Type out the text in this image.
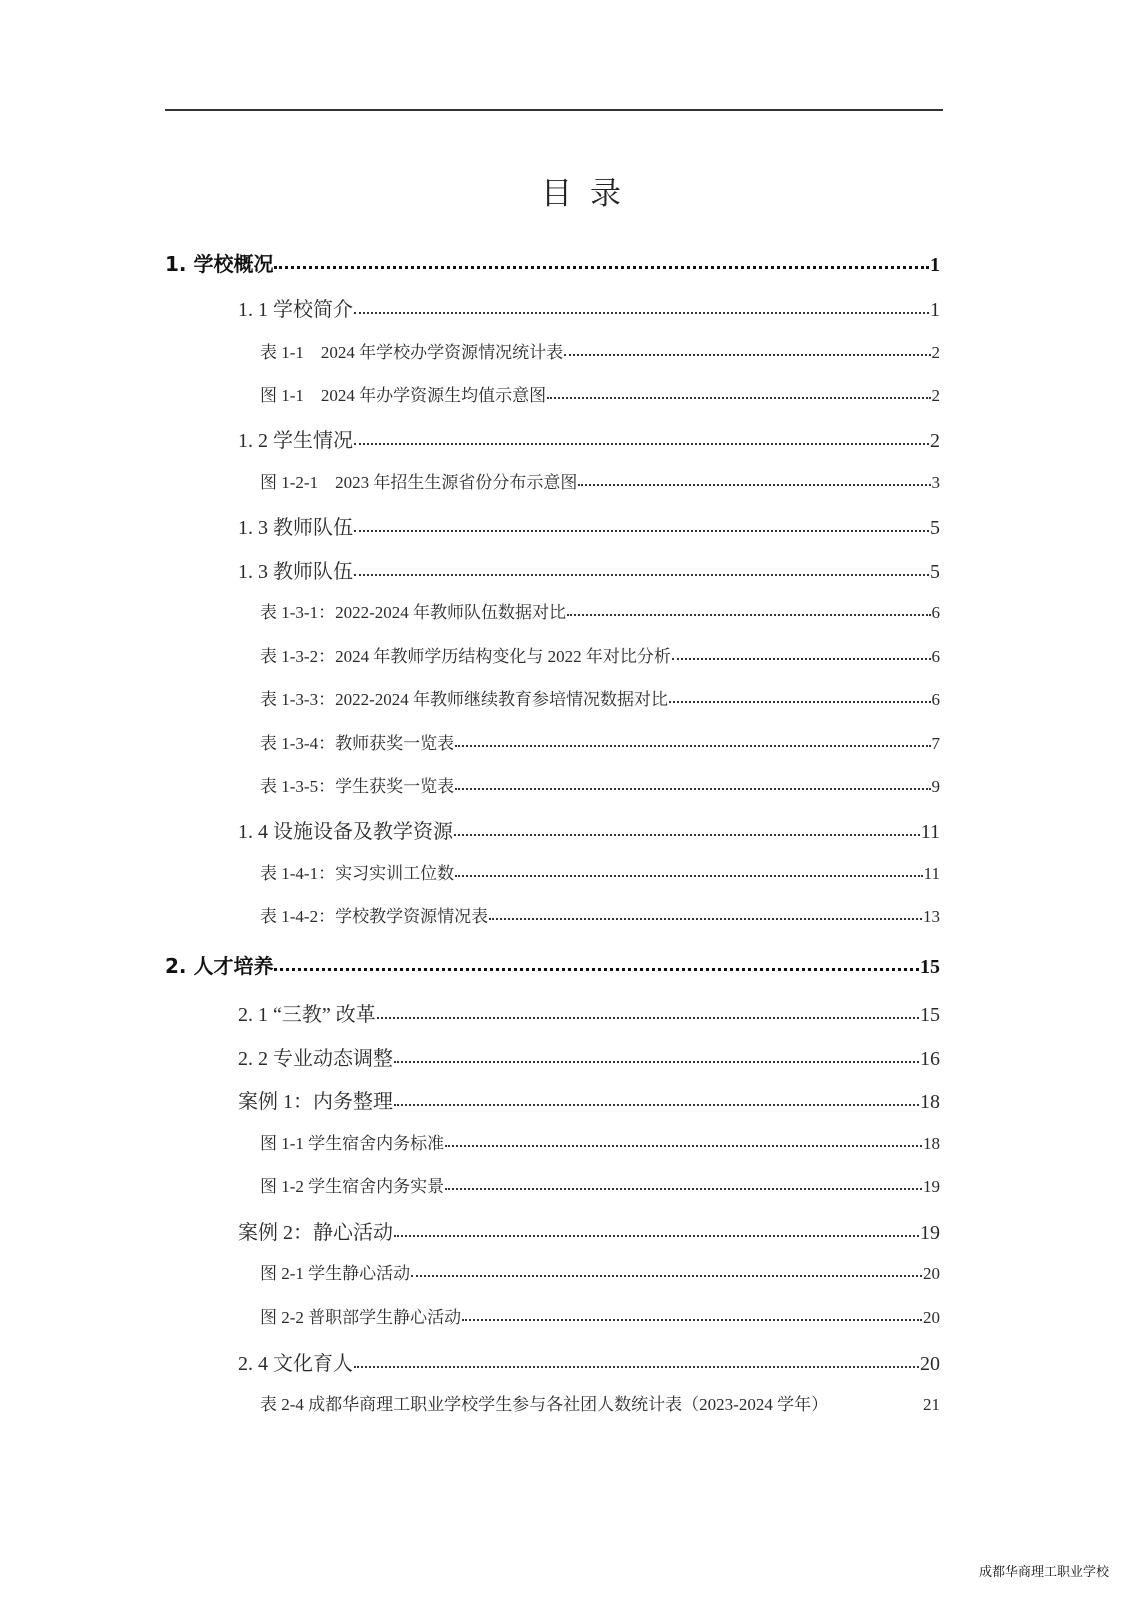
目录
1. 学校概况	1
1. 1 学校简介	1
表 1-1　2024 年学校办学资源情况统计表	2
图 1-1　2024 年办学资源生均值示意图	2
1. 2 学生情况	2
图 1-2-1　2023 年招生生源省份分布示意图	3
1. 3 教师队伍	5
1. 3 教师队伍	5
表 1-3-1：2022-2024 年教师队伍数据对比	6
表 1-3-2：2024 年教师学历结构变化与 2022 年对比分析	6
表 1-3-3：2022-2024 年教师继续教育参培情况数据对比	6
表 1-3-4：教师获奖一览表	7
表 1-3-5：学生获奖一览表	9
1. 4 设施设备及教学资源	11
表 1-4-1：实习实训工位数	11
表 1-4-2：学校教学资源情况表	13
2. 人才培养	15
2. 1 “三教” 改革	15
2. 2 专业动态调整	16
案例 1：内务整理	18
图 1-1 学生宿舍内务标准	18
图 1-2 学生宿舍内务实景	19
案例 2：静心活动	19
图 2-1 学生静心活动	20
图 2-2 普职部学生静心活动	20
2. 4 文化育人	20
表 2-4 成都华商理工职业学校学生参与各社团人数统计表（2023-2024 学年）	21
成都华商理工职业学校
